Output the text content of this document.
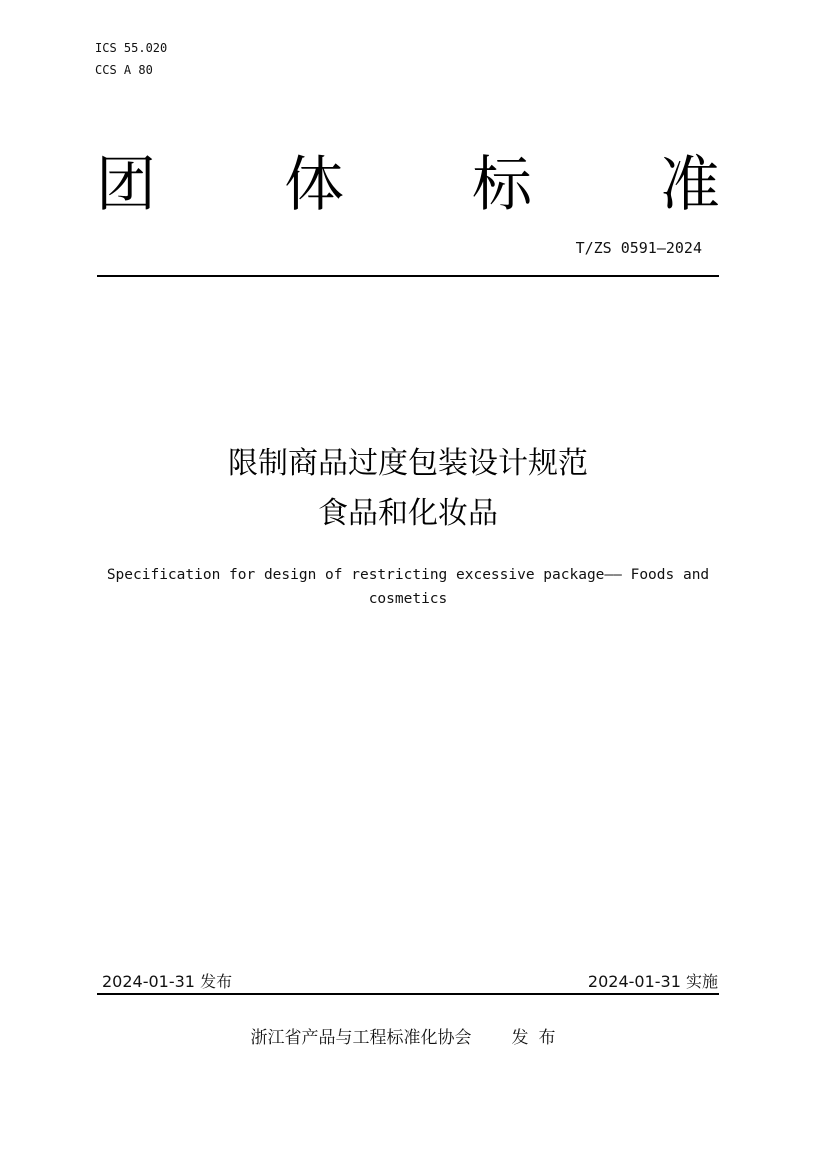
ICS 55.020
CCS A 80
团 体 标 准
T/ZS 0591—2024
限制商品过度包装设计规范
食品和化妆品
Specification for design of restricting excessive package—— Foods and cosmetics
2024-01-31 发布	2024-01-31 实施
浙江省产品与工程标准化协会 发布
